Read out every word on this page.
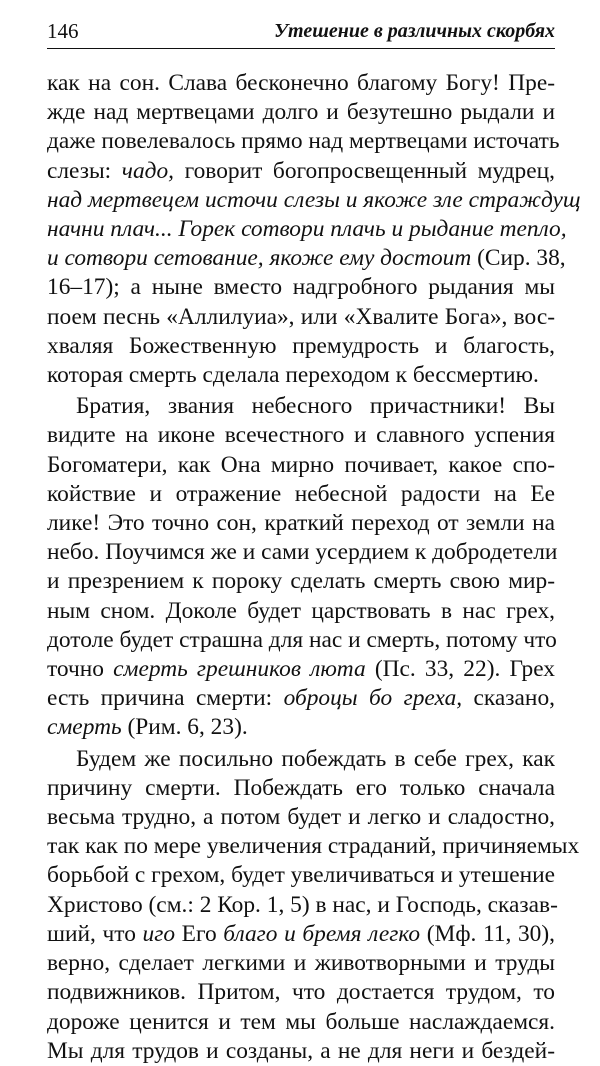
146	Утешение в различных скорбях
как на сон. Слава бесконечно благому Богу! Пре-
жде над мертвецами долго и безутешно рыдали и
даже повелевалось прямо над мертвецами источать
слезы: чадо, говорит богопросвещенный мудрец,
над мертвецем источи слезы и якоже зле страждущ
начни плач... Горек сотвори плачь и рыдание тепло,
и сотвори сетование, якоже ему достоит (Сир. 38,
16–17); а ныне вместо надгробного рыдания мы
поем песнь «Аллилуиа», или «Хвалите Бога», вос-
хваляя Божественную премудрость и благость,
которая смерть сделала переходом к бессмертию.
Братия, звания небесного причастники! Вы
видите на иконе всечестного и славного успения
Богоматери, как Она мирно почивает, какое спо-
койствие и отражение небесной радости на Ее
лике! Это точно сон, краткий переход от земли на
небо. Поучимся же и сами усердием к добродетели
и презрением к пороку сделать смерть свою мир-
ным сном. Доколе будет царствовать в нас грех,
дотоле будет страшна для нас и смерть, потому что
точно смерть грешников люта (Пс. 33, 22). Грех
есть причина смерти: оброцы бо греха, сказано,
смерть (Рим. 6, 23).
Будем же посильно побеждать в себе грех, как
причину смерти. Побеждать его только сначала
весьма трудно, а потом будет и легко и сладостно,
так как по мере увеличения страданий, причиняемых
борьбой с грехом, будет увеличиваться и утешение
Христово (см.: 2 Кор. 1, 5) в нас, и Господь, сказав-
ший, что иго Его благо и бремя легко (Мф. 11, 30),
верно, сделает легкими и животворными и труды
подвижников. Притом, что достается трудом, то
дороже ценится и тем мы больше наслаждаемся.
Мы для трудов и созданы, а не для неги и бездей-
